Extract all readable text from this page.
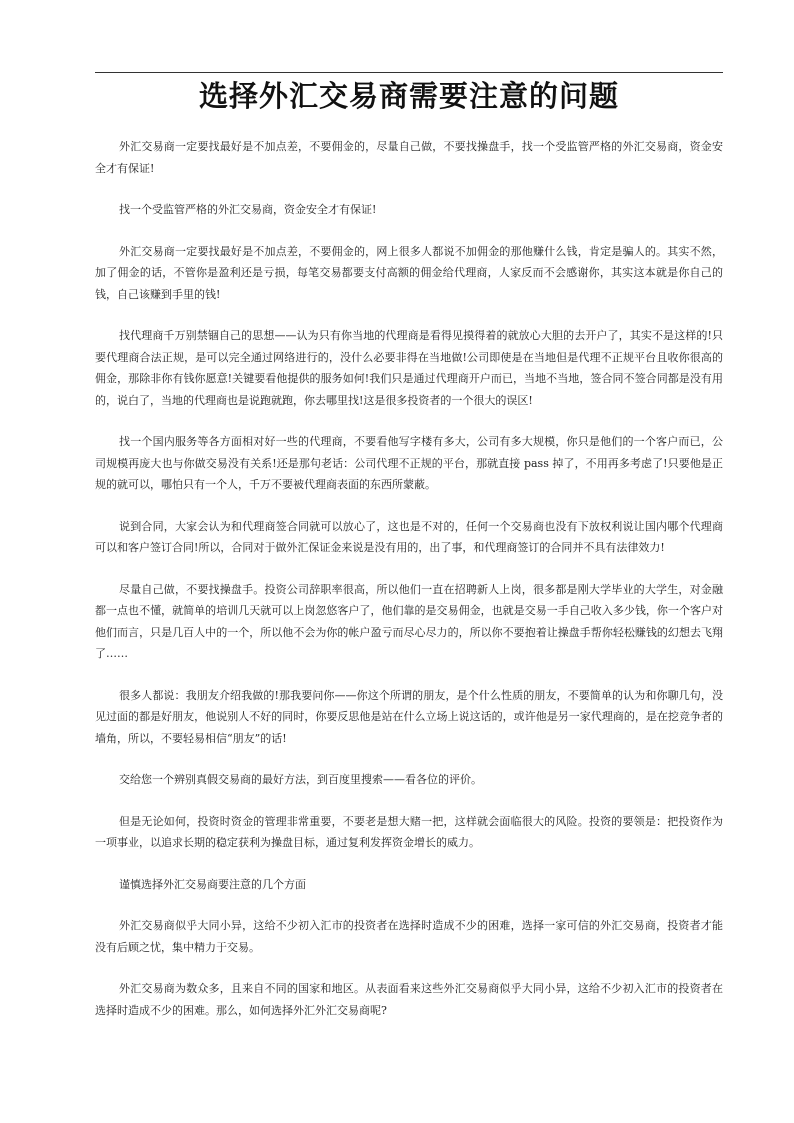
选择外汇交易商需要注意的问题

外汇交易商一定要找最好是不加点差，不要佣金的，尽量自己做，不要找操盘手，找一个受监管严格的外汇交易商，资金安全才有保证!

找一个受监管严格的外汇交易商，资金安全才有保证!

外汇交易商一定要找最好是不加点差，不要佣金的，网上很多人都说不加佣金的那他赚什么钱，肯定是骗人的。其实不然，加了佣金的话，不管你是盈利还是亏损，每笔交易都要支付高额的佣金给代理商，人家反而不会感谢你，其实这本就是你自己的钱，自己该赚到手里的钱!

找代理商千万别禁锢自己的思想——认为只有你当地的代理商是看得见摸得着的就放心大胆的去开户了，其实不是这样的!只要代理商合法正规，是可以完全通过网络进行的，没什么必要非得在当地做!公司即使是在当地但是代理不正规平台且收你很高的佣金，那除非你有钱你愿意!关键要看他提供的服务如何!我们只是通过代理商开户而已，当地不当地，签合同不签合同都是没有用的，说白了，当地的代理商也是说跑就跑，你去哪里找!这是很多投资者的一个很大的误区!

找一个国内服务等各方面相对好一些的代理商，不要看他写字楼有多大，公司有多大规模，你只是他们的一个客户而已，公司规模再庞大也与你做交易没有关系!还是那句老话：公司代理不正规的平台，那就直接 pass 掉了，不用再多考虑了!只要他是正规的就可以，哪怕只有一个人，千万不要被代理商表面的东西所蒙蔽。

说到合同，大家会认为和代理商签合同就可以放心了，这也是不对的，任何一个交易商也没有下放权利说让国内哪个代理商可以和客户签订合同!所以，合同对于做外汇保证金来说是没有用的，出了事，和代理商签订的合同并不具有法律效力!

尽量自己做，不要找操盘手。投资公司辞职率很高，所以他们一直在招聘新人上岗，很多都是刚大学毕业的大学生，对金融都一点也不懂，就简单的培训几天就可以上岗忽悠客户了，他们靠的是交易佣金，也就是交易一手自己收入多少钱，你一个客户对他们而言，只是几百人中的一个，所以他不会为你的帐户盈亏而尽心尽力的，所以你不要抱着让操盘手帮你轻松赚钱的幻想去飞翔了……

很多人都说：我朋友介绍我做的!那我要问你——你这个所谓的朋友，是个什么性质的朋友，不要简单的认为和你聊几句，没见过面的都是好朋友，他说别人不好的同时，你要反思他是站在什么立场上说这话的，或许他是另一家代理商的，是在挖竞争者的墙角，所以，不要轻易相信“朋友”的话!

交给您一个辨别真假交易商的最好方法，到百度里搜索——看各位的评价。

但是无论如何，投资时资金的管理非常重要，不要老是想大赌一把，这样就会面临很大的风险。投资的要领是：把投资作为一项事业，以追求长期的稳定获利为操盘目标，通过复利发挥资金增长的威力。

谨慎选择外汇交易商要注意的几个方面

外汇交易商似乎大同小异，这给不少初入汇市的投资者在选择时造成不少的困难，选择一家可信的外汇交易商，投资者才能没有后顾之忧，集中精力于交易。

外汇交易商为数众多，且来自不同的国家和地区。从表面看来这些外汇交易商似乎大同小异，这给不少初入汇市的投资者在选择时造成不少的困难。那么，如何选择外汇外汇交易商呢?
